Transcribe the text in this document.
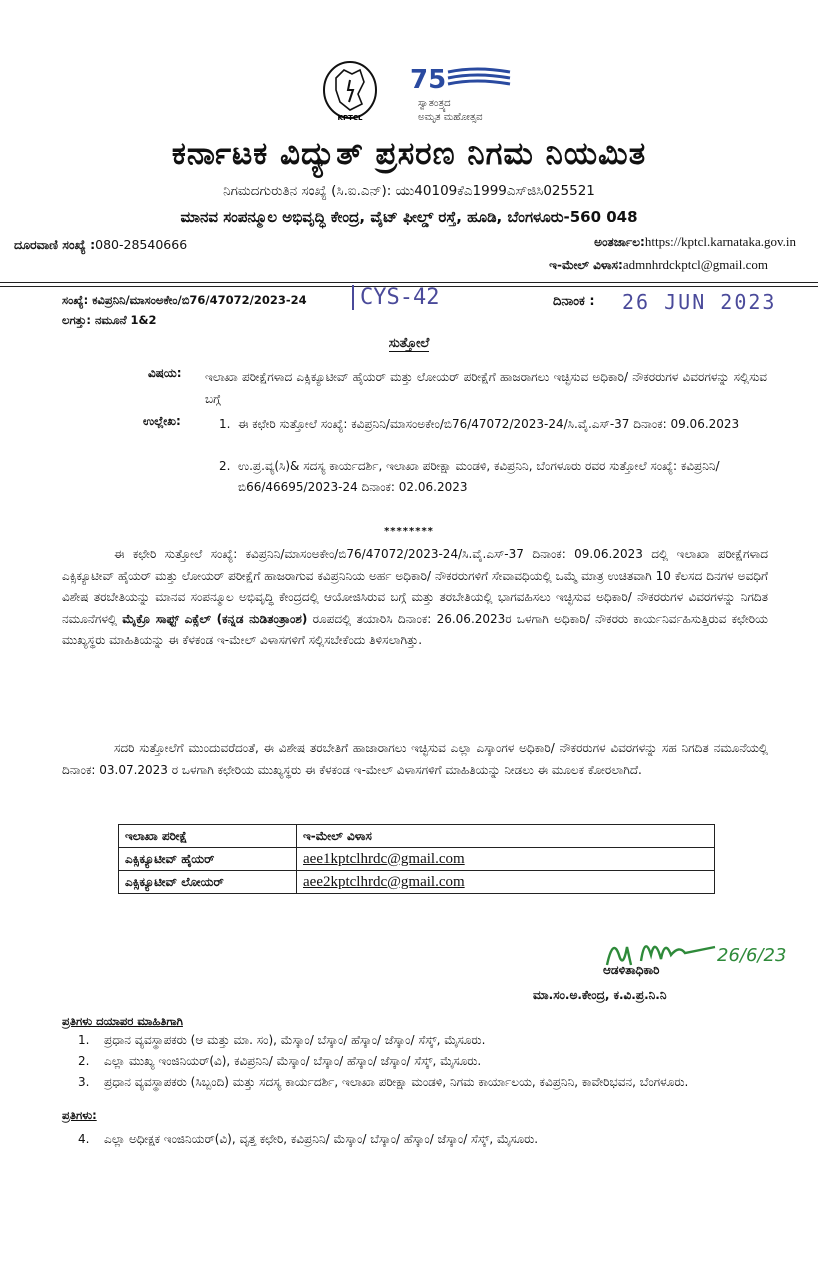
KPTCL
75
ಸ್ವಾತಂತ್ರ್ಯದ
ಅಮೃತ ಮಹೋತ್ಸವ
ಕರ್ನಾಟಕ ವಿದ್ಯುತ್ ಪ್ರಸರಣ ನಿಗಮ ನಿಯಮಿತ
ನಿಗಮದಗುರುತಿನ ಸಂಖ್ಯೆ (ಸಿ.ಐ.ಎನ್): ಯು40109ಕೆಎ1999ಎಸ್‌ಜಿಸಿ025521
ಮಾನವ ಸಂಪನ್ಮೂಲ ಅಭಿವೃದ್ಧಿ ಕೇಂದ್ರ, ವೈಟ್ ಫೀಲ್ಡ್ ರಸ್ತೆ, ಹೂಡಿ, ಬೆಂಗಳೂರು-560 048
ದೂರವಾಣಿ ಸಂಖ್ಯೆ :080-28540666	ಅಂತರ್ಜಾಲ:https://kptcl.karnataka.gov.in
ಇ-ಮೇಲ್ ವಿಳಾಸ:admnhrdckptcl@gmail.com
ಸಂಖ್ಯೆ: ಕವಿಪ್ರನಿನಿ/ಮಾಸಂಅಕೇಂ/ಬಿ76/47072/2023-24
ಲಗತ್ತು: ನಮೂನೆ 1&2
CYS-42	ದಿನಾಂಕ : 26 JUN 2023
ಸುತ್ತೋಲೆ
ವಿಷಯ: ಇಲಾಖಾ ಪರೀಕ್ಷೆಗಳಾದ ಎಕ್ಸಿಕ್ಯೂಟೀವ್ ಹೈಯರ್ ಮತ್ತು ಲೋಯರ್ ಪರೀಕ್ಷೆಗೆ ಹಾಜರಾಗಲು ಇಚ್ಛಿಸುವ ಅಧಿಕಾರಿ/ ನೌಕರರುಗಳ ವಿವರಗಳನ್ನು ಸಲ್ಲಿಸುವ ಬಗ್ಗೆ
ಉಲ್ಲೇಖ:	1. ಈ ಕಛೇರಿ ಸುತ್ತೋಲೆ ಸಂಖ್ಯೆ: ಕವಿಪ್ರನಿನಿ/ಮಾಸಂಅಕೇಂ/ಬಿ76/47072/2023-24/ಸಿ.ವೈ.ಎಸ್-37 ದಿನಾಂಕ: 09.06.2023
2. ಉ.ಪ್ರ.ವ್ಯ(ಸಿ)& ಸದಸ್ಯ ಕಾರ್ಯದರ್ಶಿ, ಇಲಾಖಾ ಪರೀಕ್ಷಾ ಮಂಡಳಿ, ಕವಿಪ್ರನಿನಿ, ಬೆಂಗಳೂರು ರವರ ಸುತ್ತೋಲೆ ಸಂಖ್ಯೆ: ಕವಿಪ್ರನಿನಿ/ಬಿ66/46695/2023-24 ದಿನಾಂಕ: 02.06.2023
********
ಈ ಕಛೇರಿ ಸುತ್ತೋಲೆ ಸಂಖ್ಯೆ: ಕವಿಪ್ರನಿನಿ/ಮಾಸಂಅಕೇಂ/ಬಿ76/47072/2023-24/ಸಿ.ವೈ.ಎಸ್-37 ದಿನಾಂಕ: 09.06.2023 ದಲ್ಲಿ ಇಲಾಖಾ ಪರೀಕ್ಷೆಗಳಾದ ಎಕ್ಸಿಕ್ಯೂಟೀವ್ ಹೈಯರ್ ಮತ್ತು ಲೋಯರ್ ಪರೀಕ್ಷೆಗೆ ಹಾಜರಾಗುವ ಕವಿಪ್ರನಿನಿಯ ಅರ್ಹ ಅಧಿಕಾರಿ/ ನೌಕರರುಗಳಿಗೆ ಸೇವಾವಧಿಯಲ್ಲಿ ಒಮ್ಮೆ ಮಾತ್ರ ಉಚಿತವಾಗಿ 10 ಕೆಲಸದ ದಿನಗಳ ಅವಧಿಗೆ ವಿಶೇಷ ತರಬೇತಿಯನ್ನು ಮಾನವ ಸಂಪನ್ಮೂಲ ಅಭಿವೃದ್ಧಿ ಕೇಂದ್ರದಲ್ಲಿ ಆಯೋಜಿಸಿರುವ ಬಗ್ಗೆ ಮತ್ತು ತರಬೇತಿಯಲ್ಲಿ ಭಾಗವಹಿಸಲು ಇಚ್ಛಿಸುವ ಅಧಿಕಾರಿ/ ನೌಕರರುಗಳ ವಿವರಗಳನ್ನು ನಿಗದಿತ ನಮೂನೆಗಳಲ್ಲಿ ಮೈಕ್ರೊ ಸಾಫ್ಟ್ ಎಕ್ಸೆಲ್ (ಕನ್ನಡ ನುಡಿತಂತ್ರಾಂಶ) ರೂಪದಲ್ಲಿ ತಯಾರಿಸಿ ದಿನಾಂಕ: 26.06.2023ರ ಒಳಗಾಗಿ ಅಧಿಕಾರಿ/ ನೌಕರರು ಕಾರ್ಯನಿರ್ವಹಿಸುತ್ತಿರುವ ಕಛೇರಿಯ ಮುಖ್ಯಸ್ಥರು ಮಾಹಿತಿಯನ್ನು ಈ ಕೆಳಕಂಡ ಇ-ಮೇಲ್ ವಿಳಾಸಗಳಿಗೆ ಸಲ್ಲಿಸಬೇಕೆಂದು ತಿಳಿಸಲಾಗಿತ್ತು.
ಸದರಿ ಸುತ್ತೋಲೆಗೆ ಮುಂದುವರೆದಂತೆ, ಈ ವಿಶೇಷ ತರಬೇತಿಗೆ ಹಾಜಾರಾಗಲು ಇಚ್ಛಿಸುವ ಎಲ್ಲಾ ಎಸ್ಕಾಂಗಳ ಅಧಿಕಾರಿ/ ನೌಕರರುಗಳ ವಿವರಗಳನ್ನು ಸಹ ನಿಗದಿತ ನಮೂನೆಯಲ್ಲಿ ದಿನಾಂಕ: 03.07.2023 ರ ಒಳಗಾಗಿ ಕಛೇರಿಯ ಮುಖ್ಯಸ್ಥರು ಈ ಕೆಳಕಂಡ ಇ-ಮೇಲ್ ವಿಳಾಸಗಳಿಗೆ ಮಾಹಿತಿಯನ್ನು ನೀಡಲು ಈ ಮೂಲಕ ಕೋರಲಾಗಿದೆ.
ಇಲಾಖಾ ಪರೀಕ್ಷೆ	ಇ-ಮೇಲ್ ವಿಳಾಸ
ಎಕ್ಸಿಕ್ಯೂಟೀವ್ ಹೈಯರ್	aee1kptclhrdc@gmail.com
ಎಕ್ಸಿಕ್ಯೂಟೀವ್ ಲೋಯರ್	aee2kptclhrdc@gmail.com
26/6/23
ಆಡಳಿತಾಧಿಕಾರಿ
ಮಾ.ಸಂ.ಅ.ಕೇಂದ್ರ, ಕ.ವಿ.ಪ್ರ.ನಿ.ನಿ
ಪ್ರತಿಗಳು ದಯಾಪರ ಮಾಹಿತಿಗಾಗಿ
1. ಪ್ರಧಾನ ವ್ಯವಸ್ಥಾಪಕರು (ಆ ಮತ್ತು ಮಾ. ಸಂ), ಮೆಸ್ಕಾಂ/ ಬೆಸ್ಕಾಂ/ ಹೆಸ್ಕಾಂ/ ಜೆಸ್ಕಾಂ/ ಸೆಸ್ಕ್, ಮೈಸೂರು.
2. ಎಲ್ಲಾ ಮುಖ್ಯ ಇಂಜಿನಿಯರ್(ವಿ), ಕವಿಪ್ರನಿನಿ/ ಮೆಸ್ಕಾಂ/ ಬೆಸ್ಕಾಂ/ ಹೆಸ್ಕಾಂ/ ಜೆಸ್ಕಾಂ/ ಸೆಸ್ಕ್, ಮೈಸೂರು.
3. ಪ್ರಧಾನ ವ್ಯವಸ್ಥಾಪಕರು (ಸಿಬ್ಬಂದಿ) ಮತ್ತು ಸದಸ್ಯ ಕಾರ್ಯದರ್ಶಿ, ಇಲಾಖಾ ಪರೀಕ್ಷಾ ಮಂಡಳಿ, ನಿಗಮ ಕಾರ್ಯಾಲಯ, ಕವಿಪ್ರನಿನಿ, ಕಾವೇರಿಭವನ, ಬೆಂಗಳೂರು.
ಪ್ರತಿಗಳು:
4. ಎಲ್ಲಾ ಅಧೀಕ್ಷಕ ಇಂಜಿನಿಯರ್(ವಿ), ವೃತ್ತ ಕಛೇರಿ, ಕವಿಪ್ರನಿನಿ/ ಮೆಸ್ಕಾಂ/ ಬೆಸ್ಕಾಂ/ ಹೆಸ್ಕಾಂ/ ಜೆಸ್ಕಾಂ/ ಸೆಸ್ಕ್, ಮೈಸೂರು.
